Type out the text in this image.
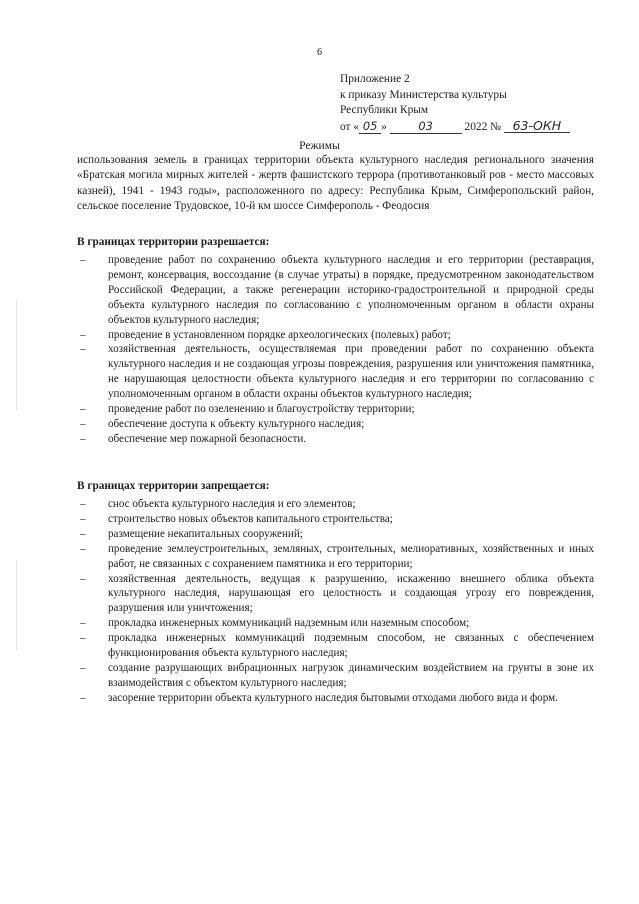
6
Приложение 2
к приказу Министерства культуры
Республики Крым
от « 05 »	03	2022 № 63-ОКН
Режимы
использования земель в границах территории объекта культурного наследия регионального значения «Братская могила мирных жителей - жертв фашистского террора (противотанковый ров - место массовых казней), 1941 - 1943 годы», расположенного по адресу: Республика Крым, Симферопольский район, сельское поселение Трудовское, 10-й км шоссе Симферополь - Феодосия
В границах территории разрешается:
– проведение работ по сохранению объекта культурного наследия и его территории (реставрация, ремонт, консервация, воссоздание (в случае утраты) в порядке, предусмотренном законодательством Российской Федерации, а также регенерации историко-градостроительной и природной среды объекта культурного наследия по согласованию с уполномоченным органом в области охраны объектов культурного наследия;
– проведение в установленном порядке археологических (полевых) работ;
– хозяйственная деятельность, осуществляемая при проведении работ по сохранению объекта культурного наследия и не создающая угрозы повреждения, разрушения или уничтожения памятника, не нарушающая целостности объекта культурного наследия и его территории по согласованию с уполномоченным органом в области охраны объектов культурного наследия;
– проведение работ по озеленению и благоустройству территории;
– обеспечение доступа к объекту культурного наследия;
– обеспечение мер пожарной безопасности.
В границах территории запрещается:
– снос объекта культурного наследия и его элементов;
– строительство новых объектов капитального строительства;
– размещение некапитальных сооружений;
– проведение землеустроительных, земляных, строительных, мелиоративных, хозяйственных и иных работ, не связанных с сохранением памятника и его территории;
– хозяйственная деятельность, ведущая к разрушению, искажению внешнего облика объекта культурного наследия, нарушающая его целостность и создающая угрозу его повреждения, разрушения или уничтожения;
– прокладка инженерных коммуникаций надземным или наземным способом;
– прокладка инженерных коммуникаций подземным способом, не связанных с обеспечением функционирования объекта культурного наследия;
– создание разрушающих вибрационных нагрузок динамическим воздействием на грунты в зоне их взаимодействия с объектом культурного наследия;
– засорение территории объекта культурного наследия бытовыми отходами любого вида и форм.
